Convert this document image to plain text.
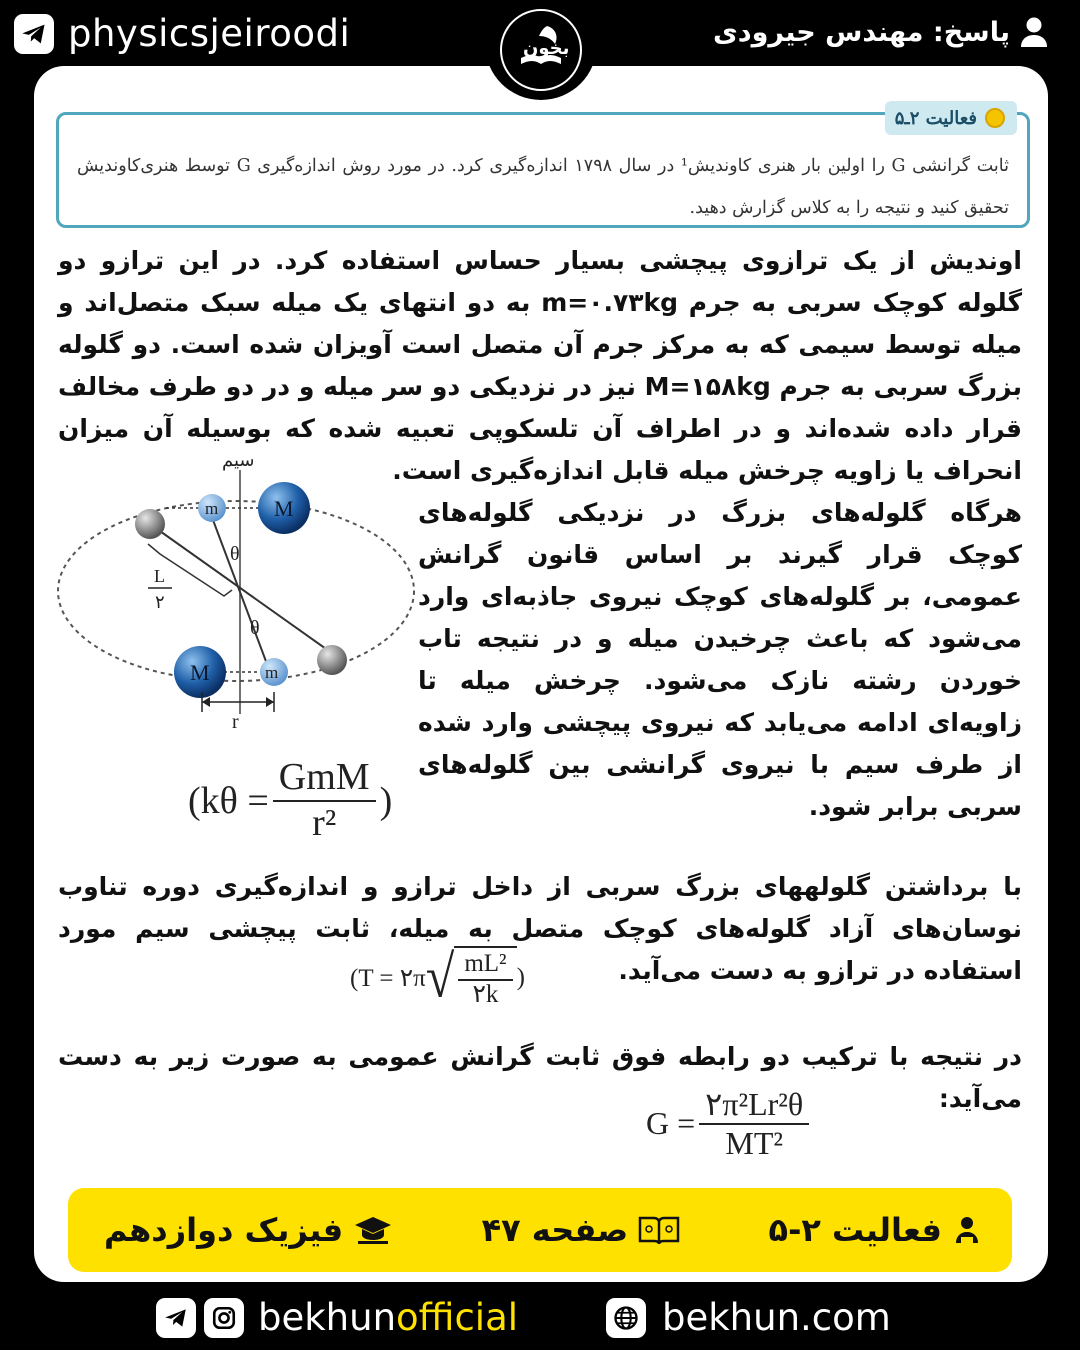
physicsjeiroodi	پاسخ: مهندس جیرودی
فعالیت ۲ـ۵
ثابت گرانشی G را اولین بار هنری کاوندیش¹ در سال ۱۷۹۸ اندازه‌گیری کرد. در مورد روش اندازه‌گیری G توسط هنری‌کاوندیش تحقیق کنید و نتیجه را به کلاس گزارش دهید.
اوندیش از یک ترازوی پیچشی بسیار حساس استفاده کرد. در این ترازو دو گلوله کوچک سربی به جرم m=۰.۷۳kg به دو انتهای یک میله سبک متصل‌اند و میله توسط سیمی که به مرکز جرم آن متصل است آویزان شده است. دو گلوله بزرگ سربی به جرم M=۱۵۸kg نیز در نزدیکی دو سر میله و در دو طرف مخالف قرار داده شده‌اند و در اطراف آن تلسکوپی تعبیه شده که بوسیله آن میزان انحراف یا زاویه چرخش میله قابل اندازه‌گیری است.
سیم
m
m
M
M
θ
θ
L
۲
r
هرگاه گلوله‌های بزرگ در نزدیکی گلوله‌های کوچک قرار گیرند بر اساس قانون گرانش عمومی، بر گلوله‌های کوچک نیروی جاذبه‌ای وارد می‌شود که باعث چرخیدن میله و در نتیجه تاب خوردن رشته نازک می‌شود. چرخش میله تا زاویه‌ای ادامه می‌یابد که نیروی پیچشی وارد شده از طرف سیم با نیروی گرانشی بین گلوله‌های سربی برابر شود.
($k\theta = \frac{\text{GmM}}{\text{r²}}$ )
با برداشتن گلولههای بزرگ سربی از داخل ترازو و اندازه‌گیری دوره تناوب نوسان‌های آزاد گلوله‌های کوچک متصل به میله، ثابت پیچشی سیم مورد استفاده در ترازو به دست می‌آید.
(T = ۲π √ $\frac{\text{mL²}}{۲k}$ )
در نتیجه با ترکیب دو رابطه فوق ثابت گرانش عمومی به صورت زیر به دست می‌آید:
$G = \frac{\text{۲π²Lr²θ}}{\text{MT²}}$
فعالیت ۲-۵
صفحه ۴۷
فیزیک دوازدهم
بخون
bekhunofficial	bekhun.com
